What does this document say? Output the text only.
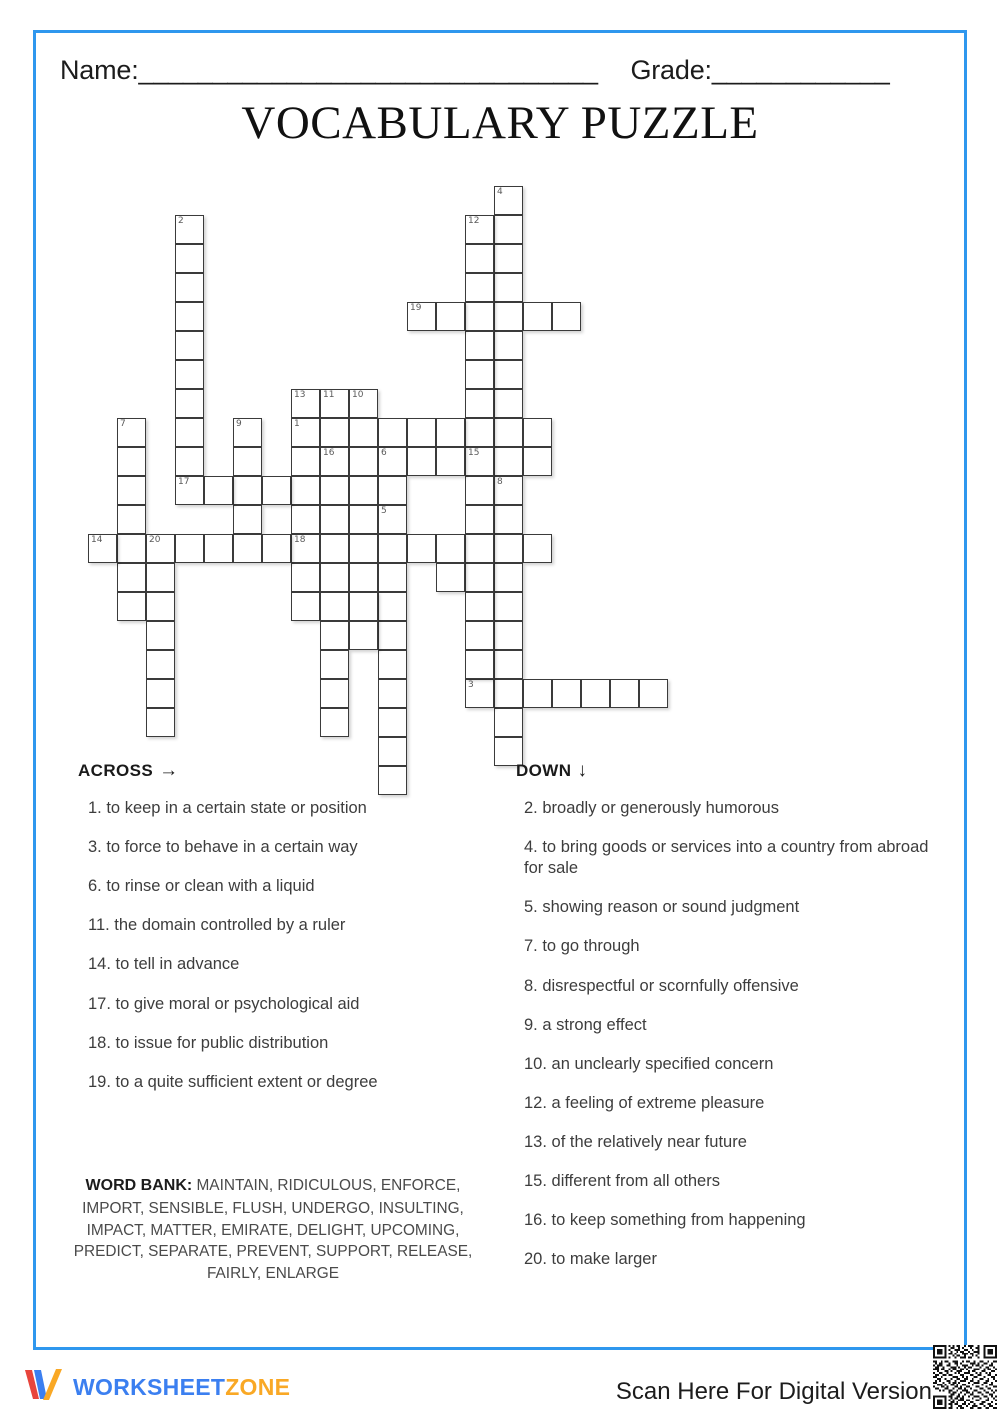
Name:_______________________________ Grade:____________
VOCABULARY PUZZLE
2
17
4
8
12
15
19
13
1
18
11
16
10
7	9
6
5
14	20
3
ACROSS →
1. to keep in a certain state or position
3. to force to behave in a certain way
6. to rinse or clean with a liquid
11. the domain controlled by a ruler
14. to tell in advance
17. to give moral or psychological aid
18. to issue for public distribution
19. to a quite sufficient extent or degree
DOWN ↓
2. broadly or generously humorous
4. to bring goods or services into a country from abroad for sale
5. showing reason or sound judgment
7. to go through
8. disrespectful or scornfully offensive
9. a strong effect
10. an unclearly specified concern
12. a feeling of extreme pleasure
13. of the relatively near future
15. different from all others
16. to keep something from happening
20. to make larger
WORD BANK: MAINTAIN, RIDICULOUS, ENFORCE, IMPORT, SENSIBLE, FLUSH, UNDERGO, INSULTING, IMPACT, MATTER, EMIRATE, DELIGHT, UPCOMING, PREDICT, SEPARATE, PREVENT, SUPPORT, RELEASE, FAIRLY, ENLARGE
WORKSHEETZONE	Scan Here For Digital Version
